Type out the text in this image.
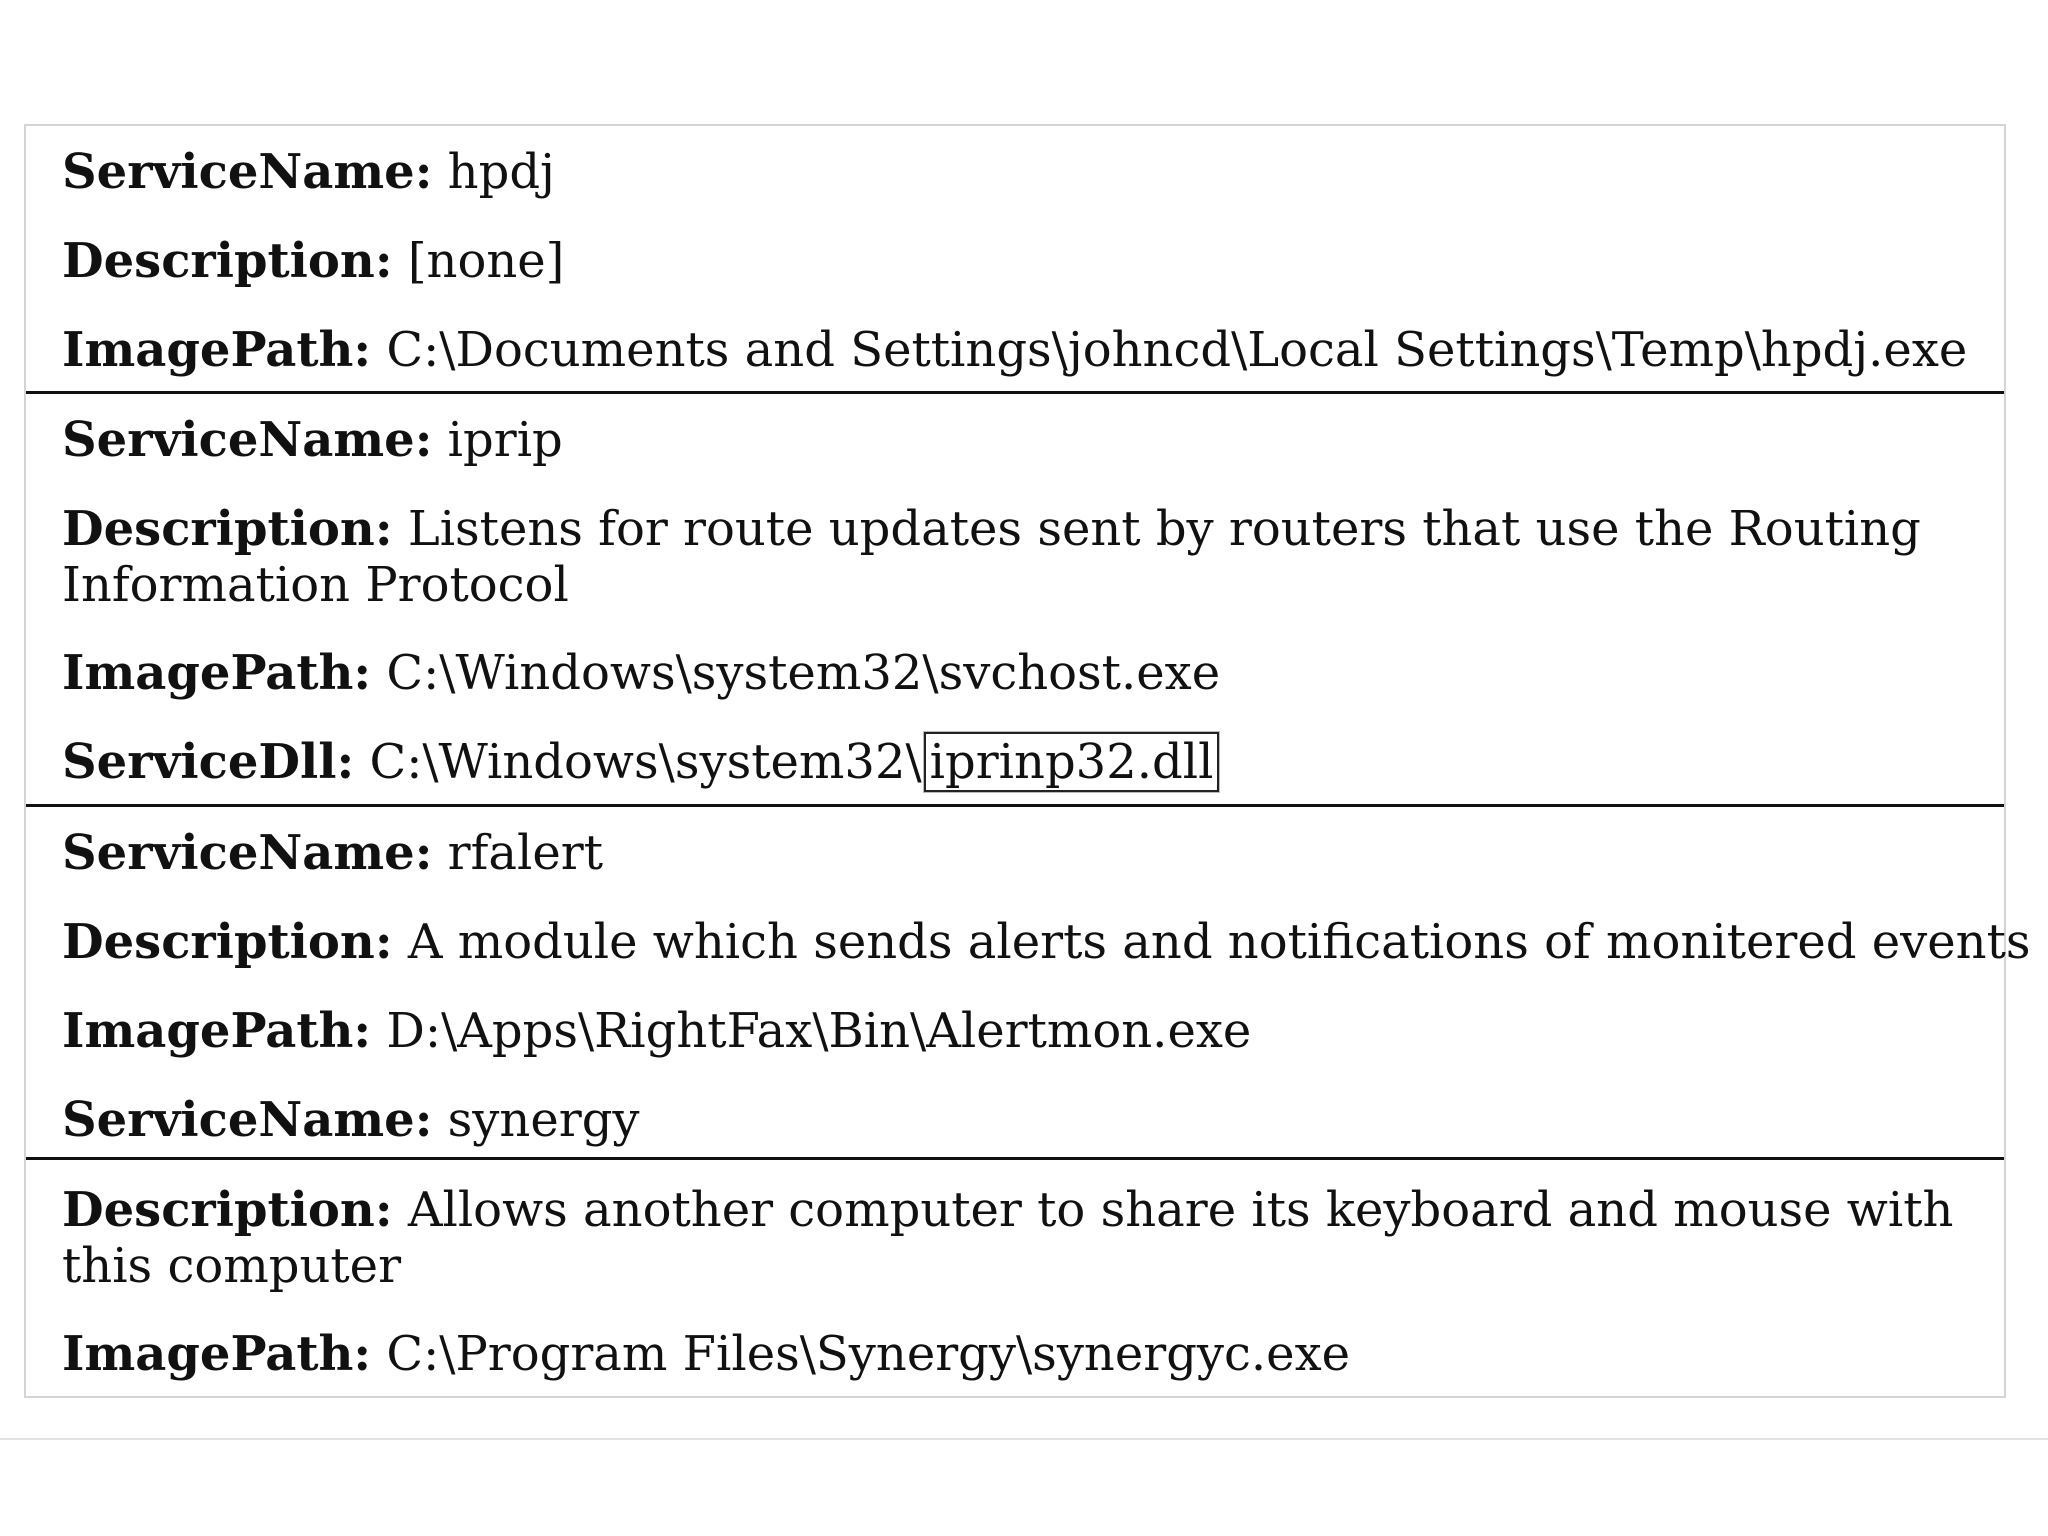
ServiceName: hpdj
Description: [none]
ImagePath: C:\Documents and Settings\johncd\Local Settings\Temp\hpdj.exe
ServiceName: iprip
Description: Listens for route updates sent by routers that use the Routing Information Protocol
ImagePath: C:\Windows\system32\svchost.exe
ServiceDll: C:\Windows\system32\ iprinp32.dll
ServiceName: rfalert
Description: A module which sends alerts and notifications of monitered events
ImagePath: D:\Apps\RightFax\Bin\Alertmon.exe
ServiceName: synergy
Description: Allows another computer to share its keyboard and mouse with this computer
ImagePath: C:\Program Files\Synergy\synergyc.exe
